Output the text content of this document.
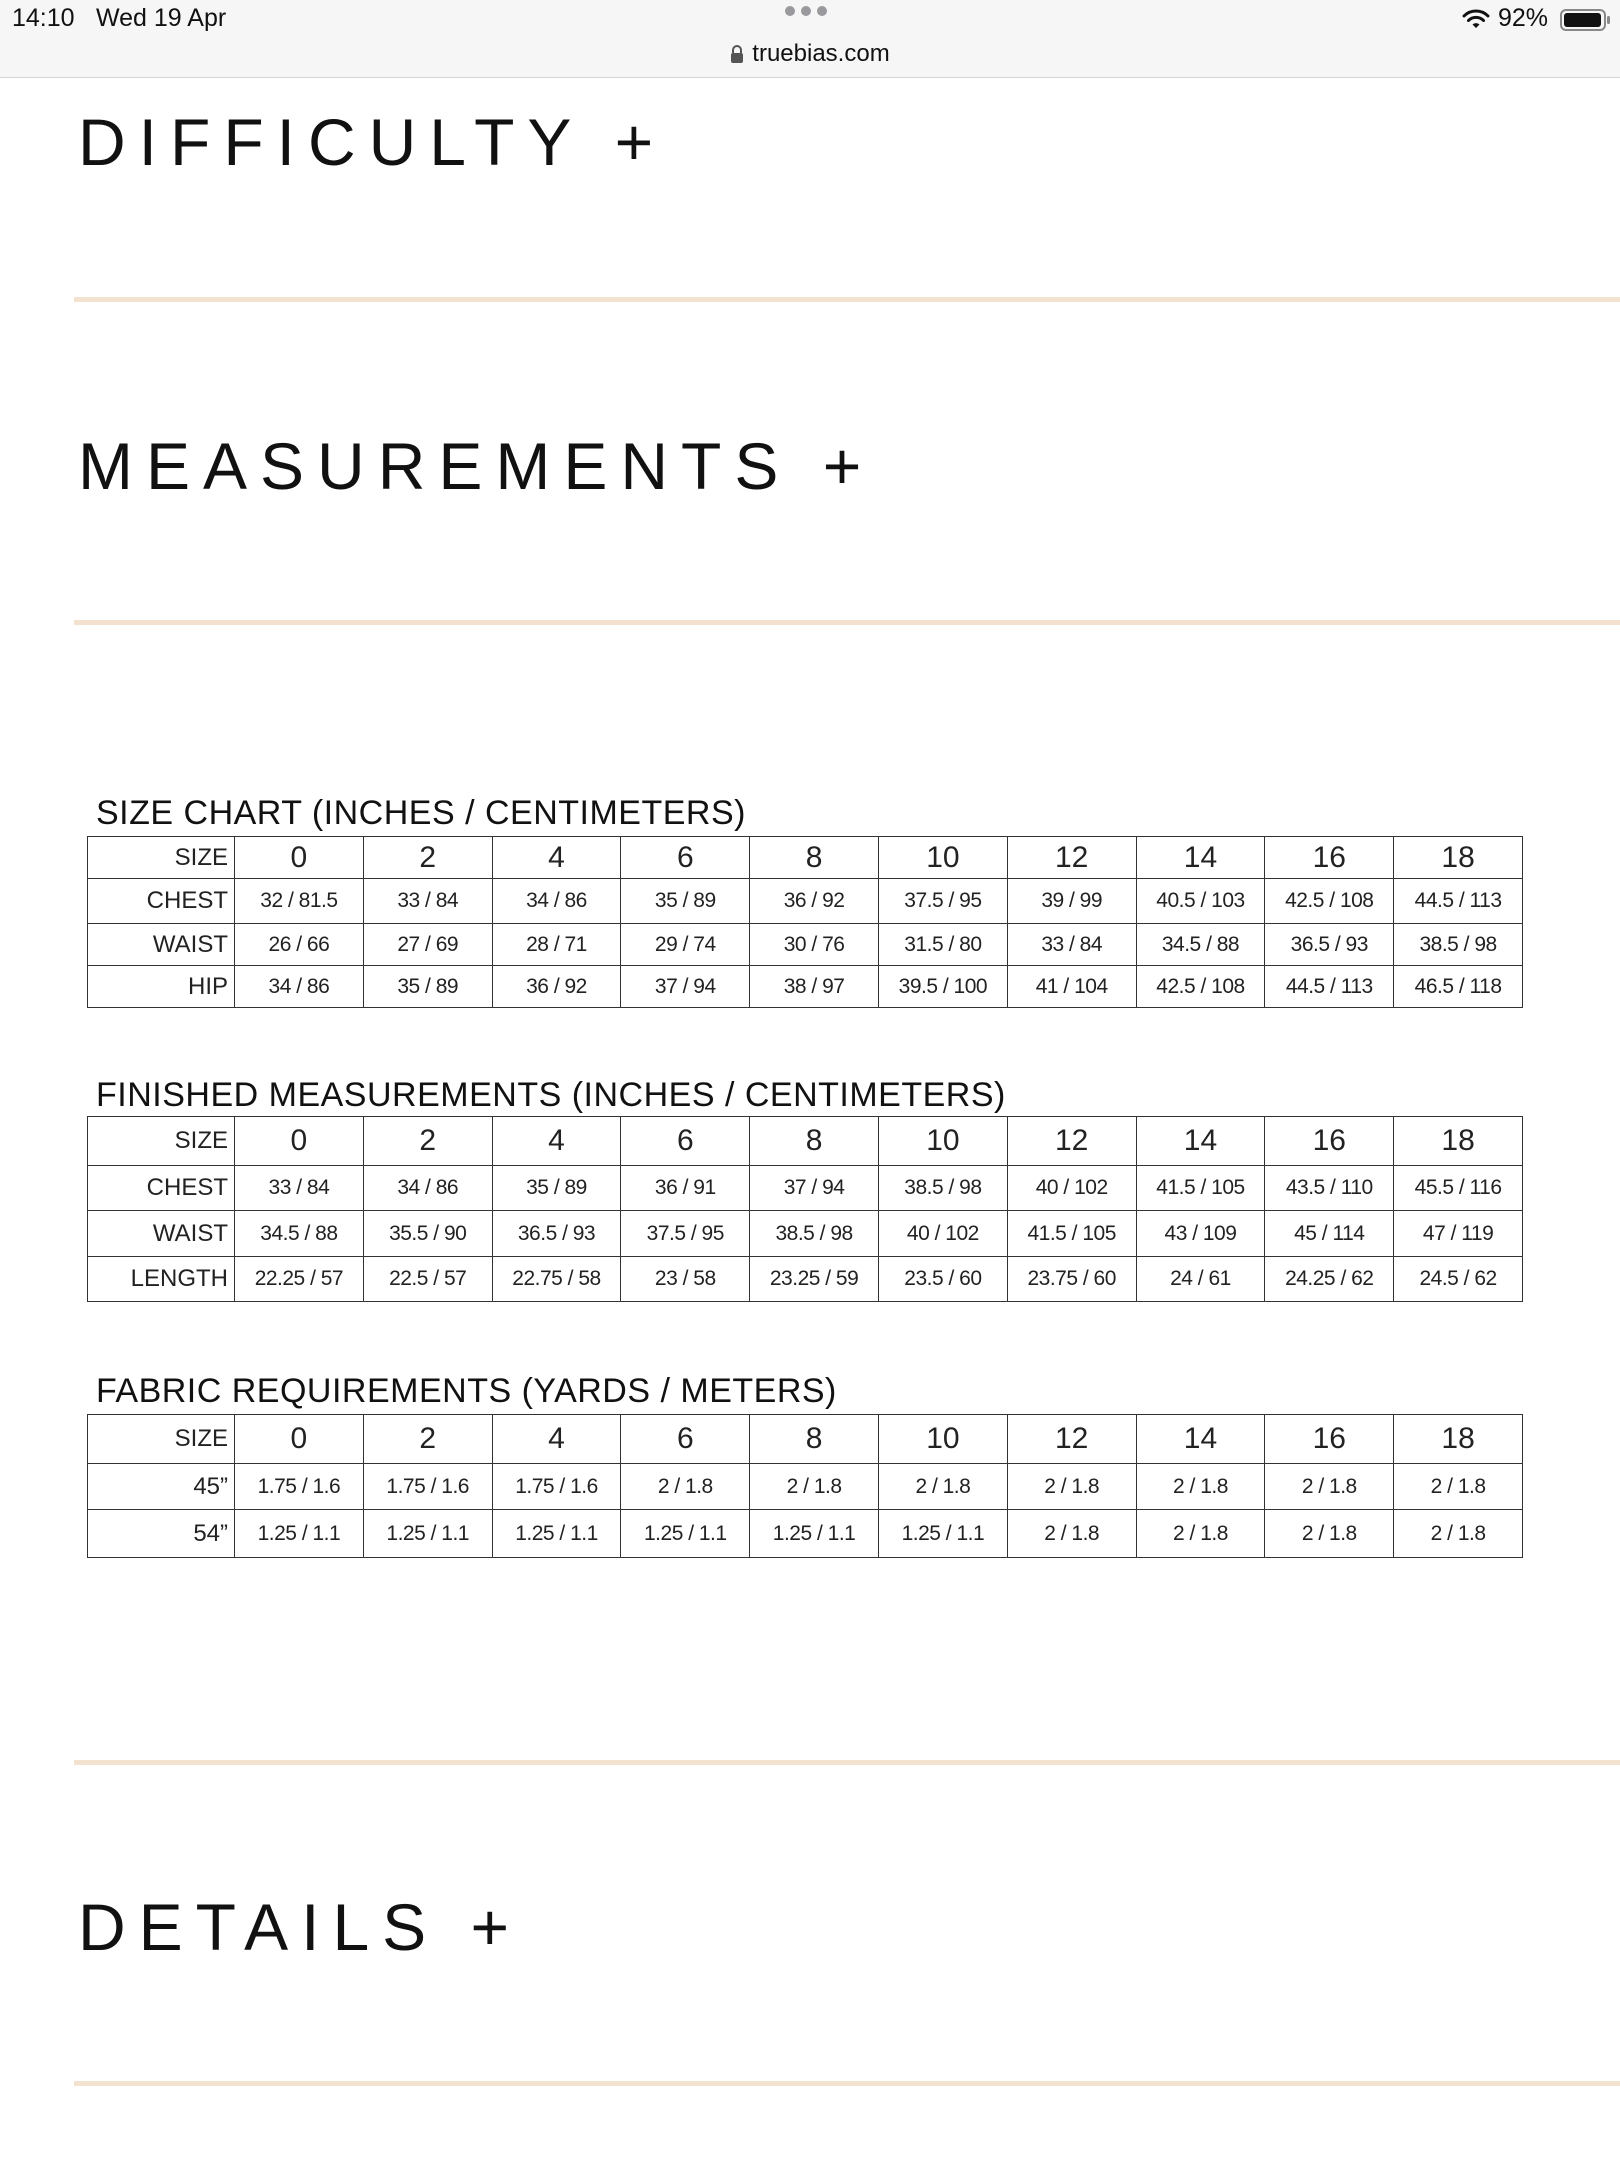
14:10 Wed 19 Apr
truebias.com
92%
DIFFICULTY +
MEASUREMENTS +
SIZE CHART (INCHES / CENTIMETERS)
SIZE	0	2	4	6	8	10	12	14	16	18
CHEST	32 / 81.5	33 / 84	34 / 86	35 / 89	36 / 92	37.5 / 95	39 / 99	40.5 / 103	42.5 / 108	44.5 / 113
WAIST	26 / 66	27 / 69	28 / 71	29 / 74	30 / 76	31.5 / 80	33 / 84	34.5 / 88	36.5 / 93	38.5 / 98
HIP	34 / 86	35 / 89	36 / 92	37 / 94	38 / 97	39.5 / 100	41 / 104	42.5 / 108	44.5 / 113	46.5 / 118
FINISHED MEASUREMENTS (INCHES / CENTIMETERS)
SIZE	0	2	4	6	8	10	12	14	16	18
CHEST	33 / 84	34 / 86	35 / 89	36 / 91	37 / 94	38.5 / 98	40 / 102	41.5 / 105	43.5 / 110	45.5 / 116
WAIST	34.5 / 88	35.5 / 90	36.5 / 93	37.5 / 95	38.5 / 98	40 / 102	41.5 / 105	43 / 109	45 / 114	47 / 119
LENGTH	22.25 / 57	22.5 / 57	22.75 / 58	23 / 58	23.25 / 59	23.5 / 60	23.75 / 60	24 / 61	24.25 / 62	24.5 / 62
FABRIC REQUIREMENTS (YARDS / METERS)
SIZE	0	2	4	6	8	10	12	14	16	18
45”	1.75 / 1.6	1.75 / 1.6	1.75 / 1.6	2 / 1.8	2 / 1.8	2 / 1.8	2 / 1.8	2 / 1.8	2 / 1.8	2 / 1.8
54”	1.25 / 1.1	1.25 / 1.1	1.25 / 1.1	1.25 / 1.1	1.25 / 1.1	1.25 / 1.1	2 / 1.8	2 / 1.8	2 / 1.8	2 / 1.8
DETAILS +
